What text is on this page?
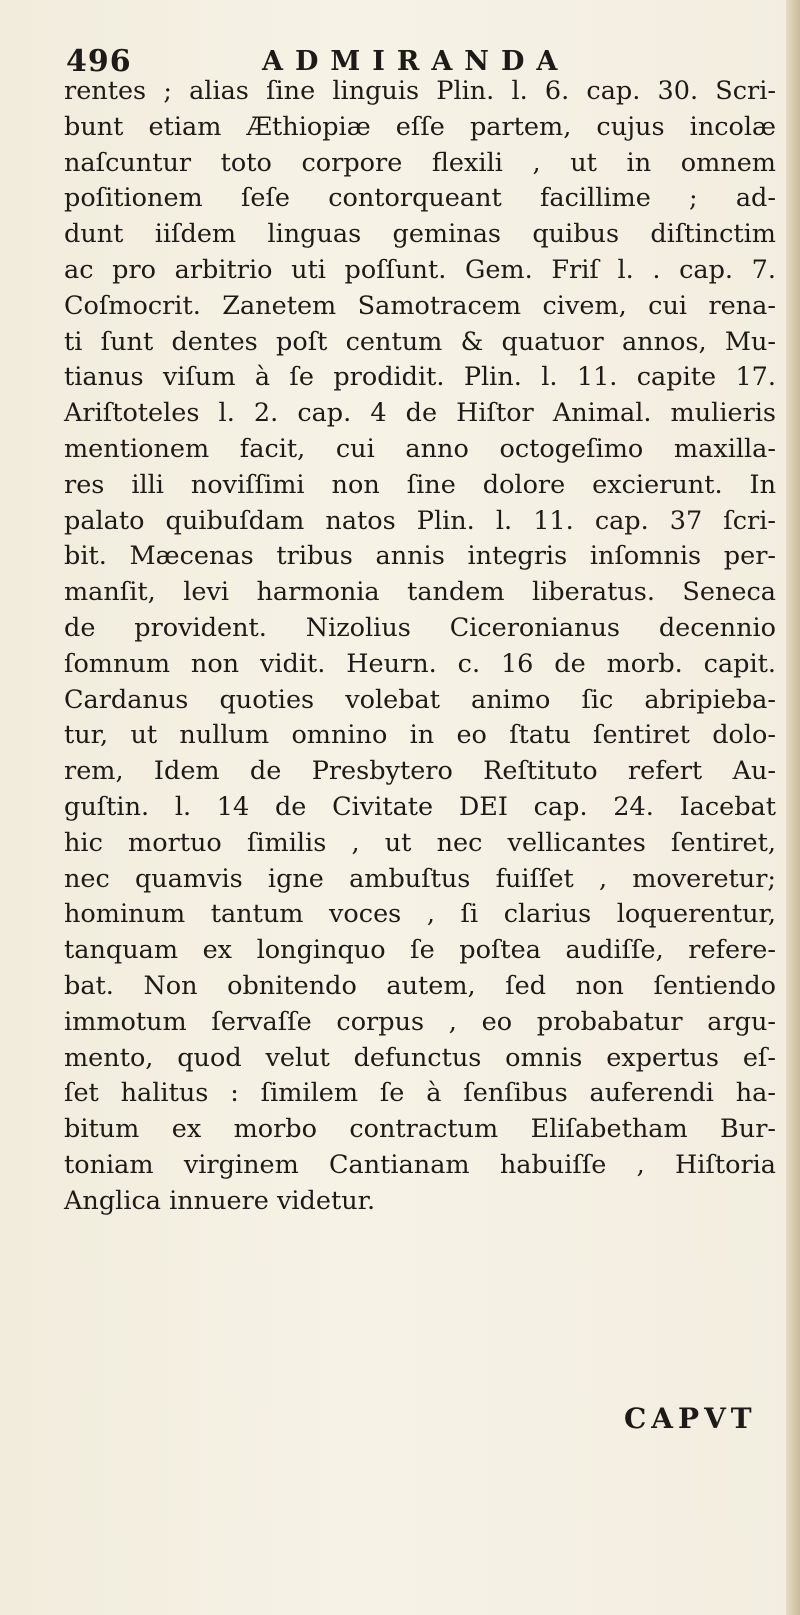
496	ADMIRANDA
rentes ; alias ſine linguis Plin. l. 6. cap. 30. Scri-
bunt etiam Æthiopiæ eſſe partem, cujus incolæ
naſcuntur toto corpore flexili , ut in omnem
poſitionem ſeſe contorqueant facillime ; ad-
dunt iiſdem linguas geminas quibus diſtinctim
ac pro arbitrio uti poſſunt. Gem. Friſ l. . cap. 7.
Coſmocrit. Zanetem Samotracem civem, cui rena-
ti ſunt dentes poſt centum & quatuor annos, Mu-
tianus viſum à ſe prodidit. Plin. l. 11. capite 17.
Ariſtoteles l. 2. cap. 4 de Hiſtor Animal. mulieris
mentionem facit, cui anno octogeſimo maxilla-
res illi noviſſimi non ſine dolore excierunt. In
palato quibuſdam natos Plin. l. 11. cap. 37 ſcri-
bit. Mæcenas tribus annis integris inſomnis per-
manſit, levi harmonia tandem liberatus. Seneca
de provident. Nizolius Ciceronianus decennio
ſomnum non vidit. Heurn. c. 16 de morb. capit.
Cardanus quoties volebat animo ſic abripieba-
tur, ut nullum omnino in eo ſtatu ſentiret dolo-
rem, Idem de Presbytero Reſtituto refert Au-
guſtin. l. 14 de Civitate DEI cap. 24. Iacebat
hic mortuo ſimilis , ut nec vellicantes ſentiret,
nec quamvis igne ambuſtus fuiſſet , moveretur;
hominum tantum voces , ſi clarius loquerentur,
tanquam ex longinquo ſe poſtea audiſſe, refere-
bat. Non obnitendo autem, ſed non ſentiendo
immotum ſervaſſe corpus , eo probabatur argu-
mento, quod velut defunctus omnis expertus eſ-
ſet halitus : ſimilem ſe à ſenſibus auferendi ha-
bitum ex morbo contractum Eliſabetham Bur-
toniam virginem Cantianam habuiſſe , Hiſtoria
Anglica innuere videtur.
CAPVT
